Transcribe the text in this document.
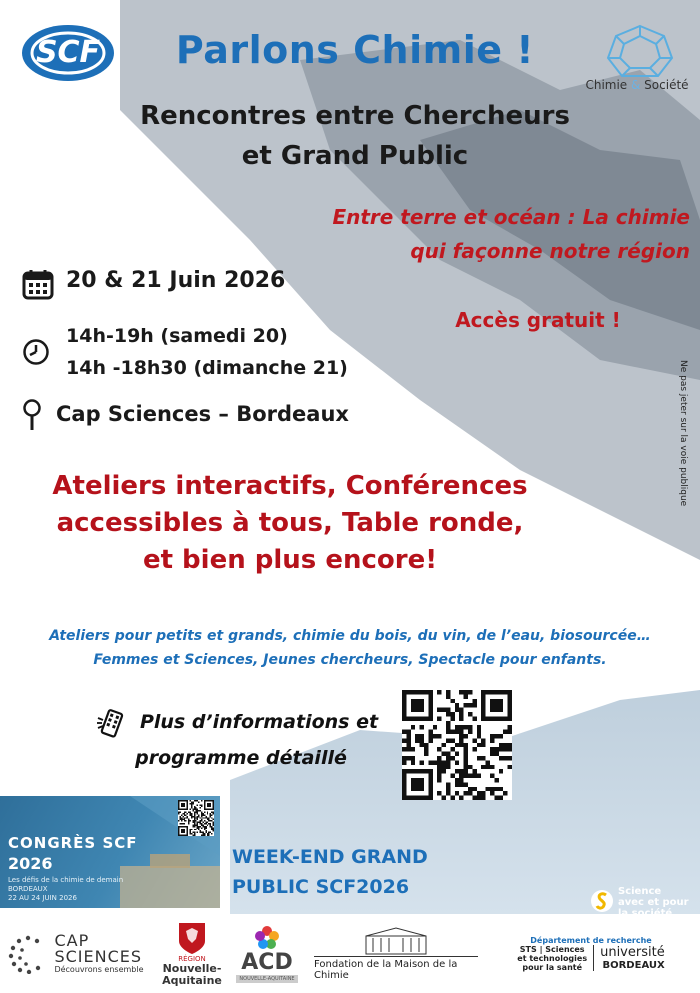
SCF	Parlons Chimie !
Rencontres entre Chercheurs
et Grand Public
Chimie & Société
Entre terre et océan : La chimie
qui façonne notre région
20 & 21 Juin 2026
14h-19h (samedi 20)
14h -18h30 (dimanche 21)
Cap Sciences – Bordeaux
Accès gratuit !
Ne pas jeter sur la voie publique
Ateliers interactifs, Conférences
accessibles à tous, Table ronde,
et bien plus encore!
Ateliers pour petits et grands, chimie du bois, du vin, de l’eau, biosourcée…
Femmes et Sciences, Jeunes chercheurs, Spectacle pour enfants.
Plus d’informations et
programme détaillé
CONGRÈS SCF
2026
Les défis de la chimie de demain
BORDEAUX
22 AU 24 JUIN 2026
WEEK-END GRAND
PUBLIC SCF2026	Science
avec et pour
CAP
SCIENCES
Découvrons ensemble
RÉGION
Nouvelle-
Aquitaine
ACD
NOUVELLE-AQUITAINE
Fondation de la Maison de la Chimie
Département de recherche
STS | Sciences
et technologies
pour la santé
université
BORDEAUX
